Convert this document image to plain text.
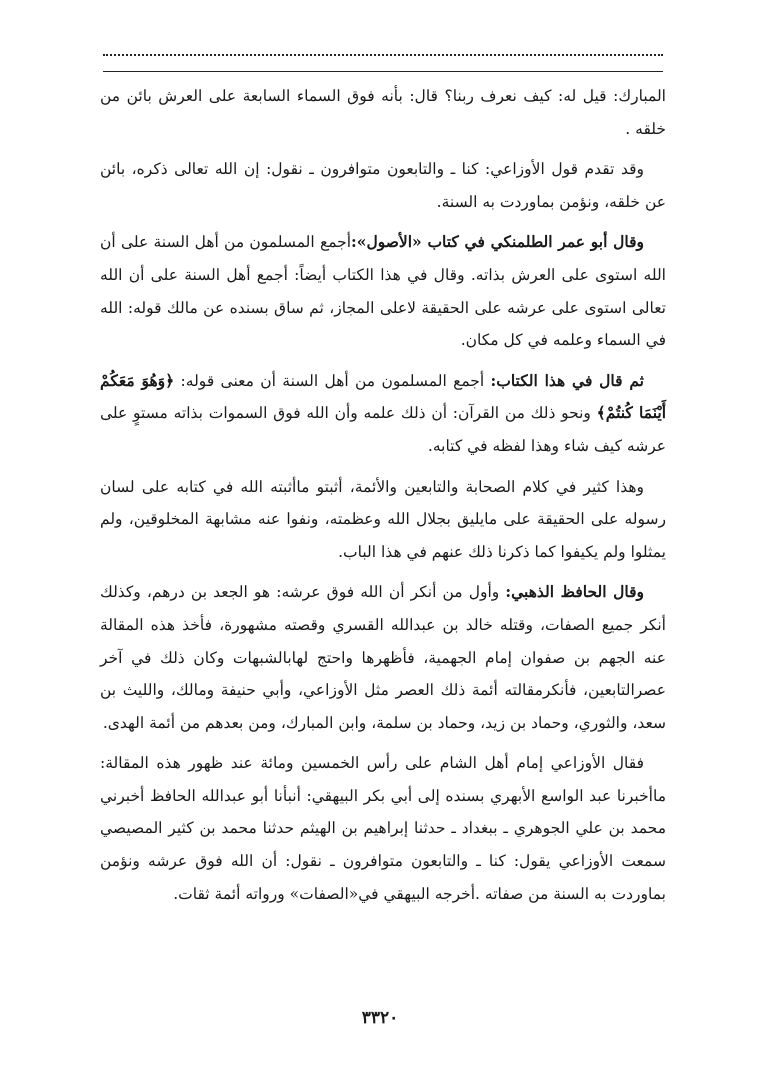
المبارك: قيل له: كيف نعرف ربنا؟ قال: بأنه فوق السماء السابعة على العرش بائن من خلقه .

وقد تقدم قول الأوزاعي: كنا ـ والتابعون متوافرون ـ نقول: إن الله تعالى ذكره، بائن عن خلقه، ونؤمن بماوردت به السنة.

وقال أبو عمر الطلمنكي في كتاب «الأصول»:أجمع المسلمون من أهل السنة على أن الله استوى على العرش بذاته. وقال في هذا الكتاب أيضاً: أجمع أهل السنة على أن الله تعالى استوى على عرشه على الحقيقة لاعلى المجاز، ثم ساق بسنده عن مالك قوله: الله في السماء وعلمه في كل مكان.

ثم قال في هذا الكتاب: أجمع المسلمون من أهل السنة أن معنى قوله: ﴿وَهُوَ مَعَكُمْ أَيْنَمَا كُنتُمْ﴾ ونحو ذلك من القرآن: أن ذلك علمه وأن الله فوق السموات بذاته مستوٍ على عرشه كيف شاء وهذا لفظه في كتابه.

وهذا كثير في كلام الصحابة والتابعين والأئمة، أثبتو ماأثبته الله في كتابه على لسان رسوله على الحقيقة على مايليق بجلال الله وعظمته، ونفوا عنه مشابهة المخلوقين، ولم يمثلوا ولم يكيفوا كما ذكرنا ذلك عنهم في هذا الباب.

وقال الحافظ الذهبي: وأول من أنكر أن الله فوق عرشه: هو الجعد بن درهم، وكذلك أنكر جميع الصفات، وقتله خالد بن عبدالله القسري وقصته مشهورة، فأخذ هذه المقالة عنه الجهم بن صفوان إمام الجهمية، فأظهرها واحتج لهابالشبهات وكان ذلك في آخر عصرالتابعين، فأنكرمقالته أئمة ذلك العصر مثل الأوزاعي، وأبي حنيفة ومالك، والليث بن سعد، والثوري، وحماد بن زيد، وحماد بن سلمة، وابن المبارك، ومن بعدهم من أئمة الهدى.

فقال الأوزاعي إمام أهل الشام على رأس الخمسين ومائة عند ظهور هذه المقالة: ماأخبرنا عبد الواسع الأبهري بسنده إلى أبي بكر البيهقي: أنبأنا أبو عبدالله الحافظ أخبرني محمد بن علي الجوهري ـ ببغداد ـ حدثنا إبراهيم بن الهيثم حدثنا محمد بن كثير المصيصي سمعت الأوزاعي يقول: كنا ـ والتابعون متوافرون ـ نقول: أن الله فوق عرشه ونؤمن بماوردت به السنة من صفاته .أخرجه البيهقي في«الصفات» ورواته أئمة ثقات.

٣٣٢٠
